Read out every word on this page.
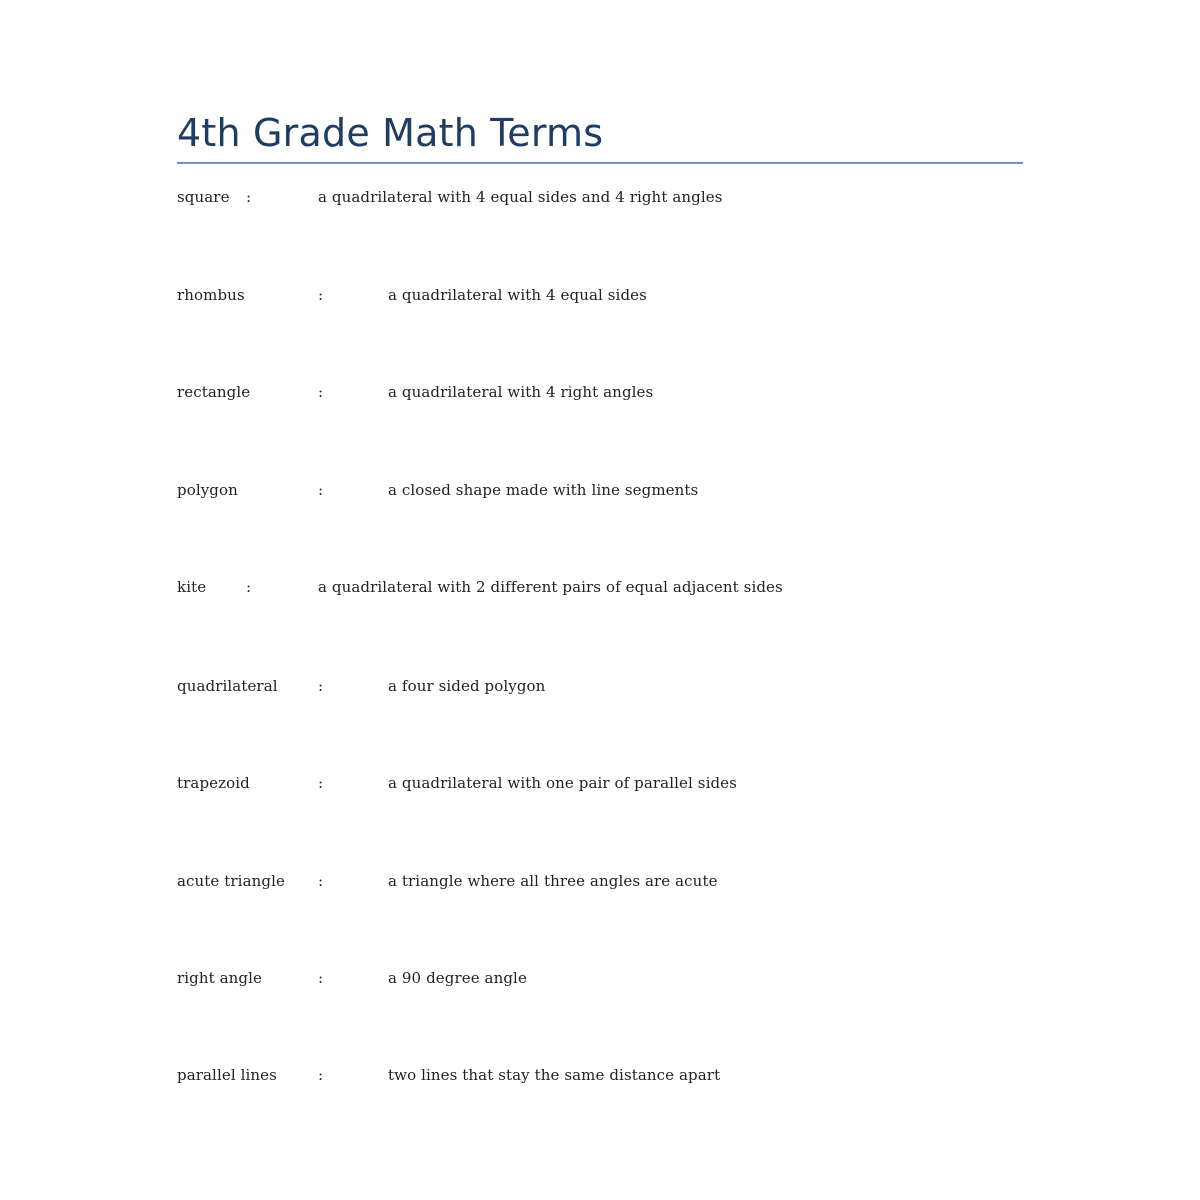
4th Grade Math Terms
square :	a quadrilateral with 4 equal sides and 4 right angles
rhombus	:	a quadrilateral with 4 equal sides
rectangle	:	a quadrilateral with 4 right angles
polygon	:	a closed shape made with line segments
kite	:	a quadrilateral with 2 different pairs of equal adjacent sides
quadrilateral	:	a four sided polygon
trapezoid	:	a quadrilateral with one pair of parallel sides
acute triangle :	a triangle where all three angles are acute
right angle	:	a 90 degree angle
parallel lines	:	two lines that stay the same distance apart
